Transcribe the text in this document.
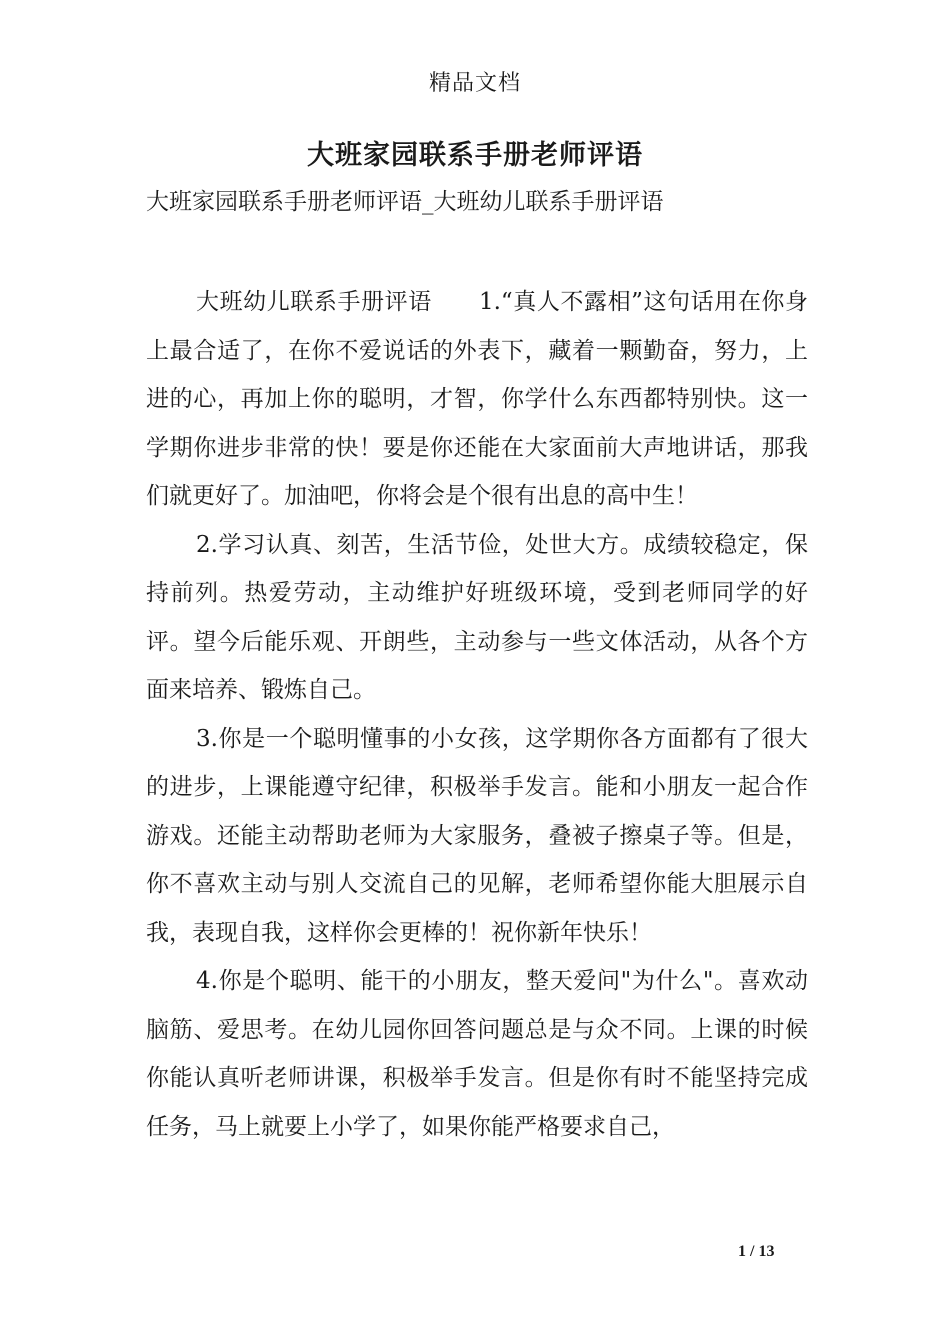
精品文档
大班家园联系手册老师评语
大班家园联系手册老师评语_大班幼儿联系手册评语

大班幼儿联系手册评语　　1.“真人不露相”这句话用在你身上最合适了，在你不爱说话的外表下，藏着一颗勤奋，努力，上进的心，再加上你的聪明，才智，你学什么东西都特别快。这一学期你进步非常的快！要是你还能在大家面前大声地讲话，那我们就更好了。加油吧，你将会是个很有出息的高中生！

2.学习认真、刻苦，生活节俭，处世大方。成绩较稳定，保持前列。热爱劳动，主动维护好班级环境，受到老师同学的好评。望今后能乐观、开朗些，主动参与一些文体活动，从各个方面来培养、锻炼自己。

3.你是一个聪明懂事的小女孩，这学期你各方面都有了很大的进步，上课能遵守纪律，积极举手发言。能和小朋友一起合作游戏。还能主动帮助老师为大家服务，叠被子擦桌子等。但是，你不喜欢主动与别人交流自己的见解，老师希望你能大胆展示自我，表现自我，这样你会更棒的！祝你新年快乐！

4.你是个聪明、能干的小朋友，整天爱问"为什么"。喜欢动脑筋、爱思考。在幼儿园你回答问题总是与众不同。上课的时候你能认真听老师讲课，积极举手发言。但是你有时不能坚持完成任务，马上就要上小学了，如果你能严格要求自己，

1 / 13
